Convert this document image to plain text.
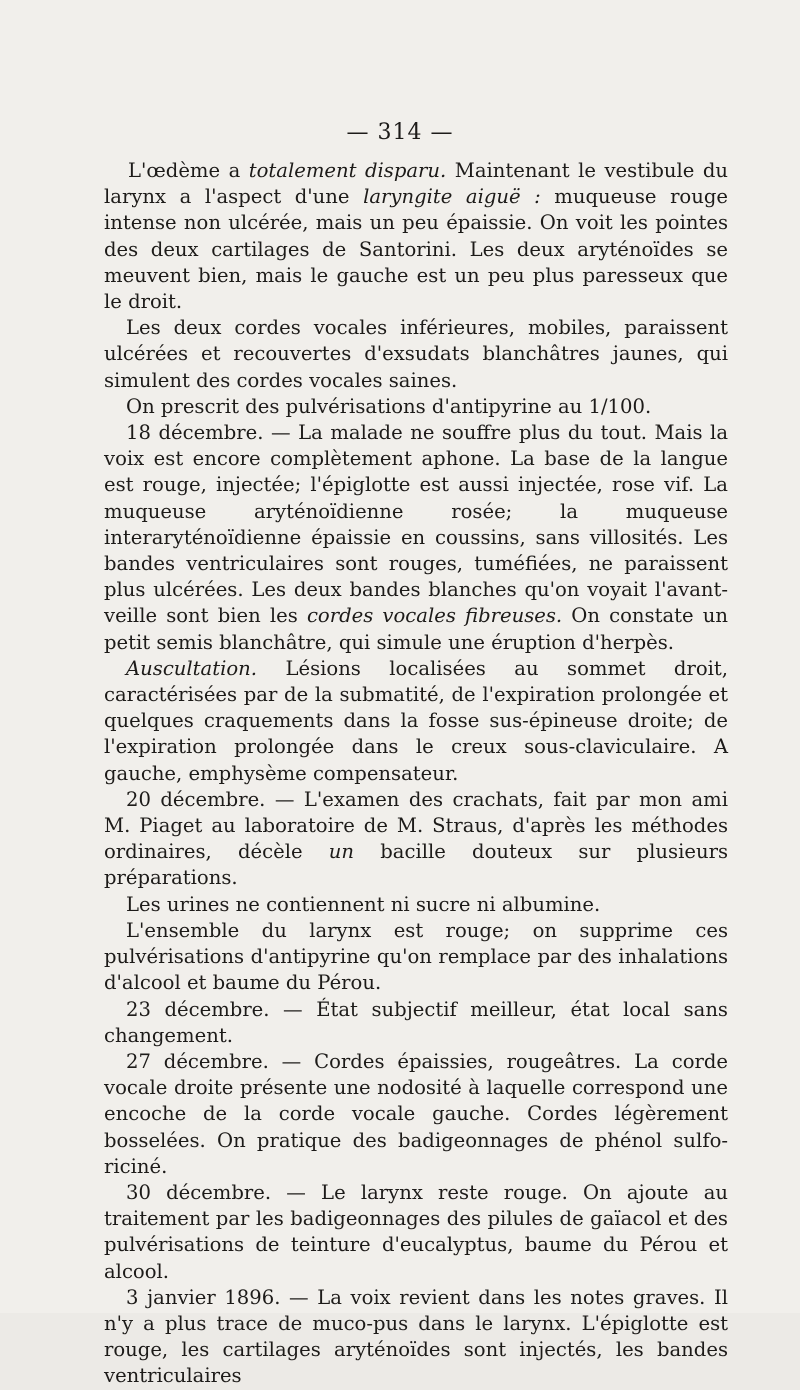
— 314 —

L'œdème a totalement disparu. Maintenant le vestibule du larynx a l'aspect d'une laryngite aiguë : muqueuse rouge intense non ulcérée, mais un peu épaissie. On voit les pointes des deux cartilages de Santorini. Les deux aryténoïdes se meuvent bien, mais le gauche est un peu plus paresseux que le droit.

Les deux cordes vocales inférieures, mobiles, paraissent ulcérées et recouvertes d'exsudats blanchâtres jaunes, qui simulent des cordes vocales saines.

On prescrit des pulvérisations d'antipyrine au 1/100.

18 décembre. — La malade ne souffre plus du tout. Mais la voix est encore complètement aphone. La base de la langue est rouge, injectée; l'épiglotte est aussi injectée, rose vif. La muqueuse aryténoïdienne rosée; la muqueuse interaryténoïdienne épaissie en coussins, sans villosités. Les bandes ventriculaires sont rouges, tuméfiées, ne paraissent plus ulcérées. Les deux bandes blanches qu'on voyait l'avant-veille sont bien les cordes vocales fibreuses. On constate un petit semis blanchâtre, qui simule une éruption d'herpès.

Auscultation. Lésions localisées au sommet droit, caractérisées par de la submatité, de l'expiration prolongée et quelques craquements dans la fosse sus-épineuse droite; de l'expiration prolongée dans le creux sous-claviculaire. A gauche, emphysème compensateur.

20 décembre. — L'examen des crachats, fait par mon ami M. Piaget au laboratoire de M. Straus, d'après les méthodes ordinaires, décèle un bacille douteux sur plusieurs préparations.

Les urines ne contiennent ni sucre ni albumine.

L'ensemble du larynx est rouge; on supprime ces pulvérisations d'antipyrine qu'on remplace par des inhalations d'alcool et baume du Pérou.

23 décembre. — État subjectif meilleur, état local sans changement.

27 décembre. — Cordes épaissies, rougeâtres. La corde vocale droite présente une nodosité à laquelle correspond une encoche de la corde vocale gauche. Cordes légèrement bosselées. On pratique des badigeonnages de phénol sulfo-riciné.

30 décembre. — Le larynx reste rouge. On ajoute au traitement par les badigeonnages des pilules de gaïacol et des pulvérisations de teinture d'eucalyptus, baume du Pérou et alcool.

3 janvier 1896. — La voix revient dans les notes graves. Il n'y a plus trace de muco-pus dans le larynx. L'épiglotte est rouge, les cartilages aryténoïdes sont injectés, les bandes ventriculaires
